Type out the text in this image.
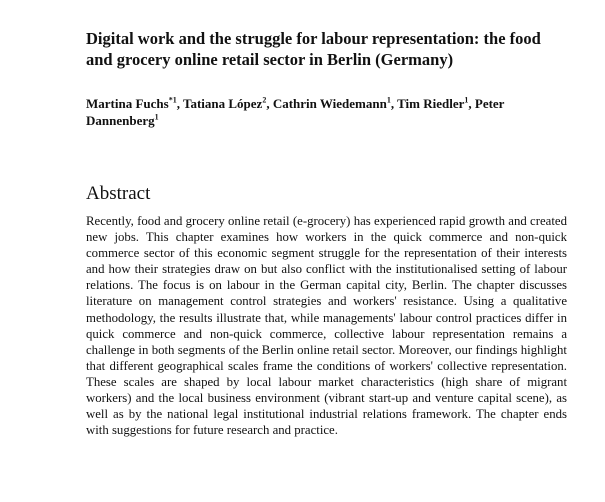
Digital work and the struggle for labour representation: the food and grocery online retail sector in Berlin (Germany)

Martina Fuchs$^{*1}$, Tatiana López$^2$, Cathrin Wiedemann$^1$, Tim Riedler$^1$, Peter Dannenberg$^1$

Abstract

Recently, food and grocery online retail (e-grocery) has experienced rapid growth and created new jobs. This chapter examines how workers in the quick commerce and non-quick commerce sector of this economic segment struggle for the representation of their interests and how their strategies draw on but also conflict with the institutionalised setting of labour relations. The focus is on labour in the German capital city, Berlin. The chapter discusses literature on management control strategies and workers' resistance. Using a qualitative methodology, the results illustrate that, while managements' labour control practices differ in quick commerce and non-quick commerce, collective labour representation remains a challenge in both segments of the Berlin online retail sector. Moreover, our findings highlight that different geographical scales frame the conditions of workers' collective representation. These scales are shaped by local labour market characteristics (high share of migrant workers) and the local business environment (vibrant start-up and venture capital scene), as well as by the national legal institutional industrial relations framework. The chapter ends with suggestions for future research and practice.
